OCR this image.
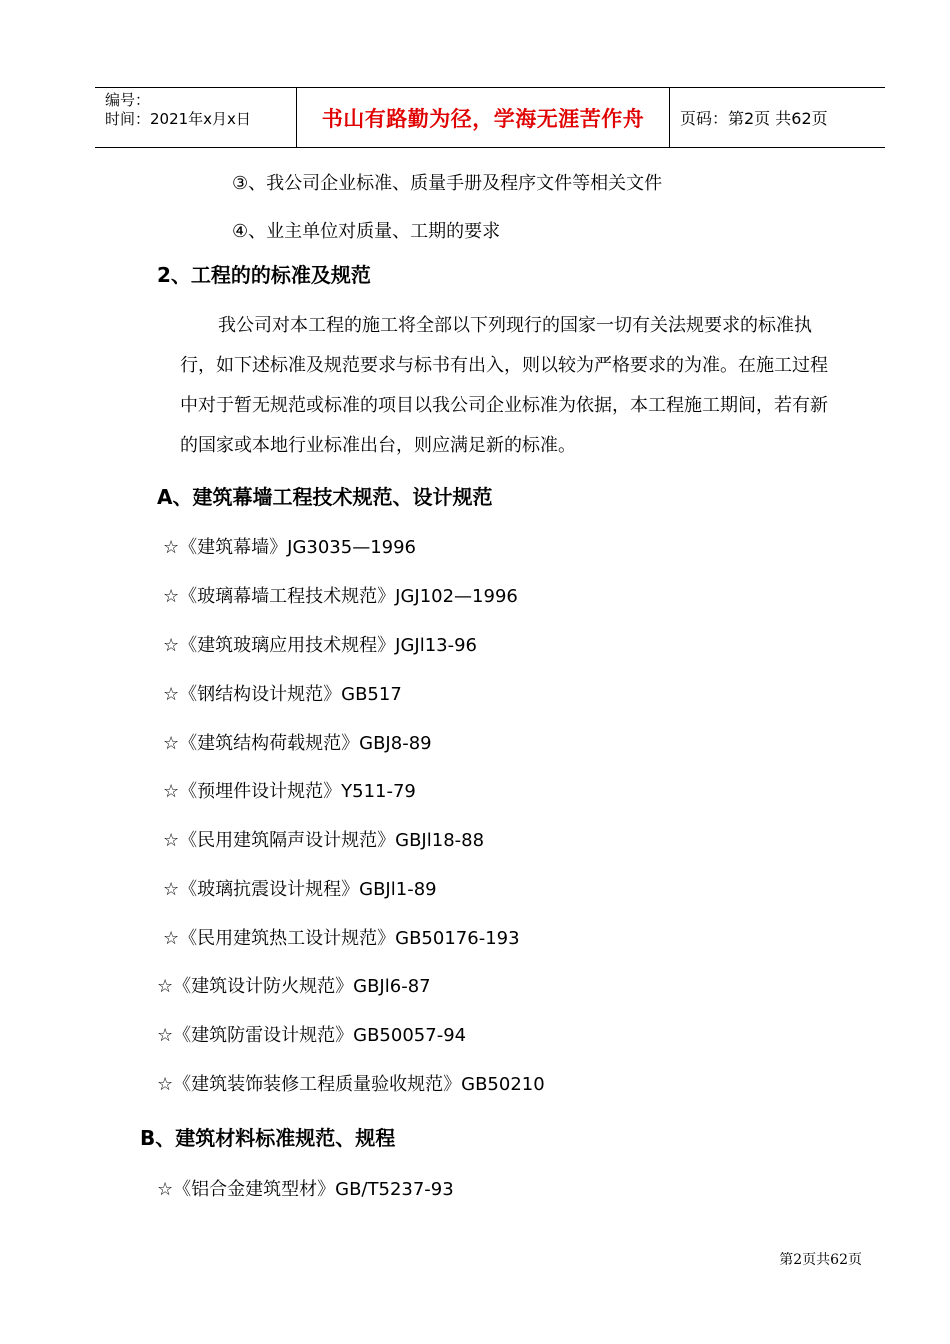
编号：
时间：2021年x月x日	书山有路勤为径，学海无涯苦作舟 页码：第2页 共62页
③、我公司企业标准、质量手册及程序文件等相关文件
④、业主单位对质量、工期的要求
2、工程的的标准及规范
我公司对本工程的施工将全部以下列现行的国家一切有关法规要求的标准执
行，如下述标准及规范要求与标书有出入，则以较为严格要求的为准。在施工过程
中对于暂无规范或标准的项目以我公司企业标准为依据，本工程施工期间，若有新
的国家或本地行业标准出台，则应满足新的标准。
A、建筑幕墙工程技术规范、设计规范
☆《建筑幕墙》JG3035—1996
☆《玻璃幕墙工程技术规范》JGJ102—1996
☆《建筑玻璃应用技术规程》JGJl13-96
☆《钢结构设计规范》GB517
☆《建筑结构荷载规范》GBJ8-89
☆《预埋件设计规范》Y511-79
☆《民用建筑隔声设计规范》GBJl18-88
☆《玻璃抗震设计规程》GBJl1-89
☆《民用建筑热工设计规范》GB50176-193
☆《建筑设计防火规范》GBJl6-87
☆《建筑防雷设计规范》GB50057-94
☆《建筑装饰装修工程质量验收规范》GB50210
B、建筑材料标准规范、规程
☆《铝合金建筑型材》GB/T5237-93
第2页共62页
